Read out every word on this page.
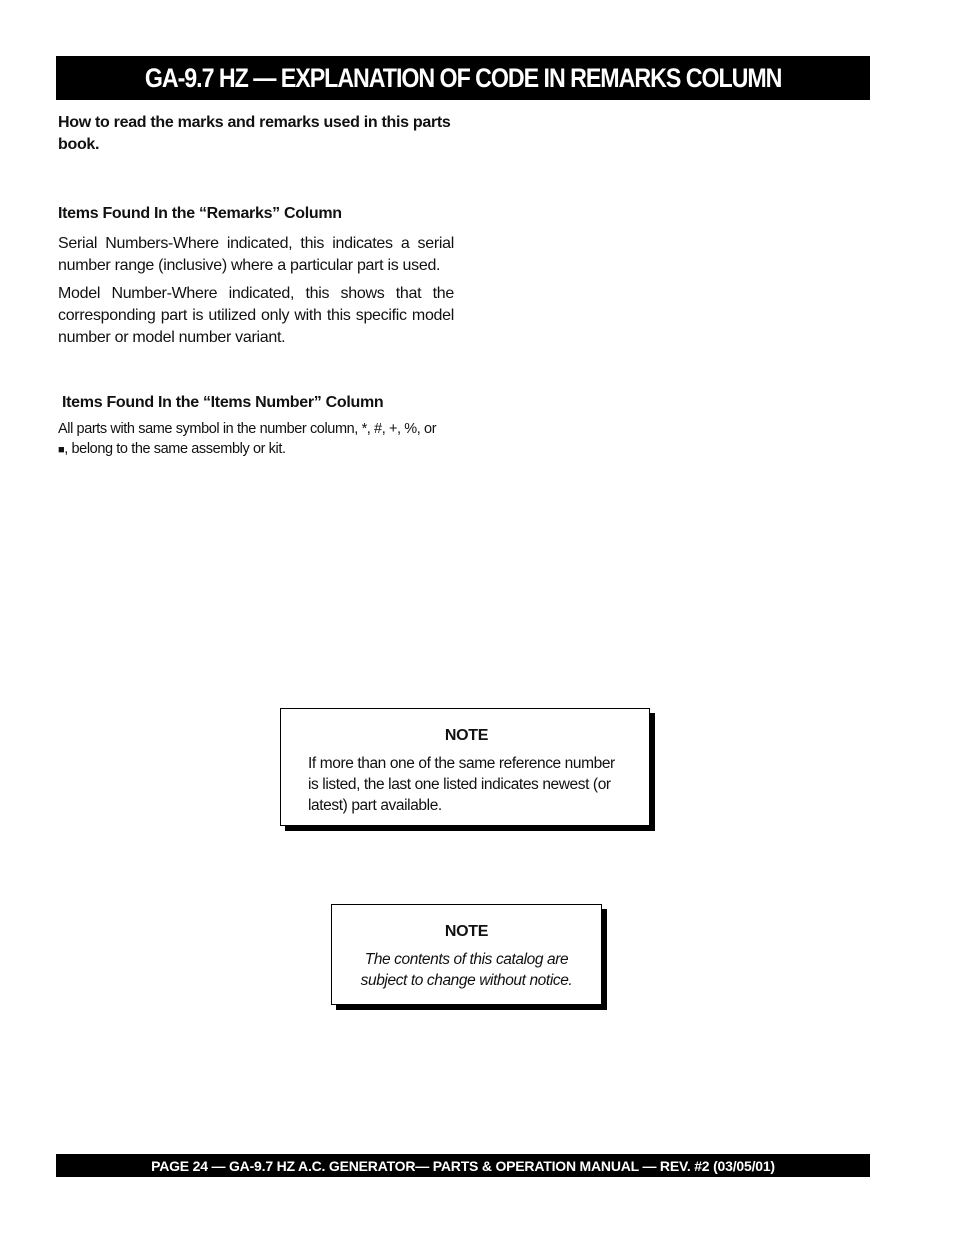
GA-9.7 HZ — EXPLANATION OF CODE IN REMARKS COLUMN

How to read the marks and remarks used in this parts book.

Items Found In the “Remarks” Column

Serial Numbers-Where indicated, this indicates a serial number range (inclusive) where a particular part is used.

Model Number-Where indicated, this shows that the corresponding part is utilized only with this specific model number or model number variant.

Items Found In the “Items Number” Column

All parts with same symbol in the number column, *, #, +, %, or
■, belong to the same assembly or kit.

NOTE

If more than one of the same reference number is listed, the last one listed indicates newest (or latest) part available.

NOTE

The contents of this catalog are subject to change without notice.

PAGE 24 — GA-9.7 HZ A.C. GENERATOR— PARTS & OPERATION MANUAL — REV. #2 (03/05/01)
